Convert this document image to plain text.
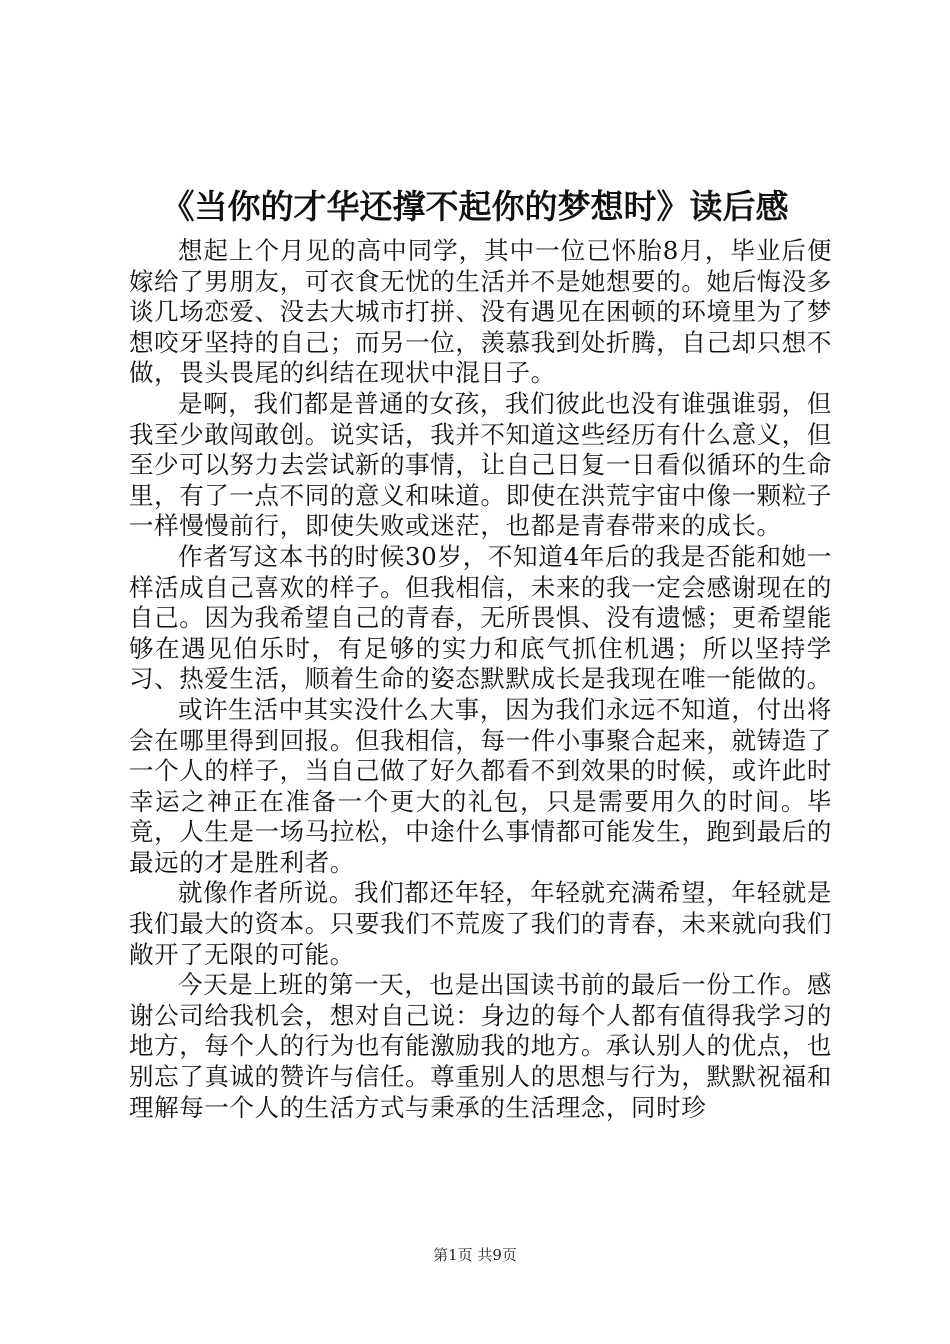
《当你的才华还撑不起你的梦想时》读后感

想起上个月见的高中同学，其中一位已怀胎8月，毕业后便嫁给了男朋友，可衣食无忧的生活并不是她想要的。她后悔没多谈几场恋爱、没去大城市打拼、没有遇见在困顿的环境里为了梦想咬牙坚持的自己；而另一位，羡慕我到处折腾，自己却只想不做，畏头畏尾的纠结在现状中混日子。

是啊，我们都是普通的女孩，我们彼此也没有谁强谁弱，但我至少敢闯敢创。说实话，我并不知道这些经历有什么意义，但至少可以努力去尝试新的事情，让自己日复一日看似循环的生命里，有了一点不同的意义和味道。即使在洪荒宇宙中像一颗粒子一样慢慢前行，即使失败或迷茫，也都是青春带来的成长。

作者写这本书的时候30岁，不知道4年后的我是否能和她一样活成自己喜欢的样子。但我相信，未来的我一定会感谢现在的自己。因为我希望自己的青春，无所畏惧、没有遗憾；更希望能够在遇见伯乐时，有足够的实力和底气抓住机遇；所以坚持学习、热爱生活，顺着生命的姿态默默成长是我现在唯一能做的。

或许生活中其实没什么大事，因为我们永远不知道，付出将会在哪里得到回报。但我相信，每一件小事聚合起来，就铸造了一个人的样子，当自己做了好久都看不到效果的时候，或许此时幸运之神正在准备一个更大的礼包，只是需要用久的时间。毕竟，人生是一场马拉松，中途什么事情都可能发生，跑到最后的最远的才是胜利者。

就像作者所说。我们都还年轻，年轻就充满希望，年轻就是我们最大的资本。只要我们不荒废了我们的青春，未来就向我们敞开了无限的可能。

今天是上班的第一天，也是出国读书前的最后一份工作。感谢公司给我机会，想对自己说：身边的每个人都有值得我学习的地方，每个人的行为也有能激励我的地方。承认别人的优点，也别忘了真诚的赞许与信任。尊重别人的思想与行为，默默祝福和理解每一个人的生活方式与秉承的生活理念，同时珍

第1页 共9页
